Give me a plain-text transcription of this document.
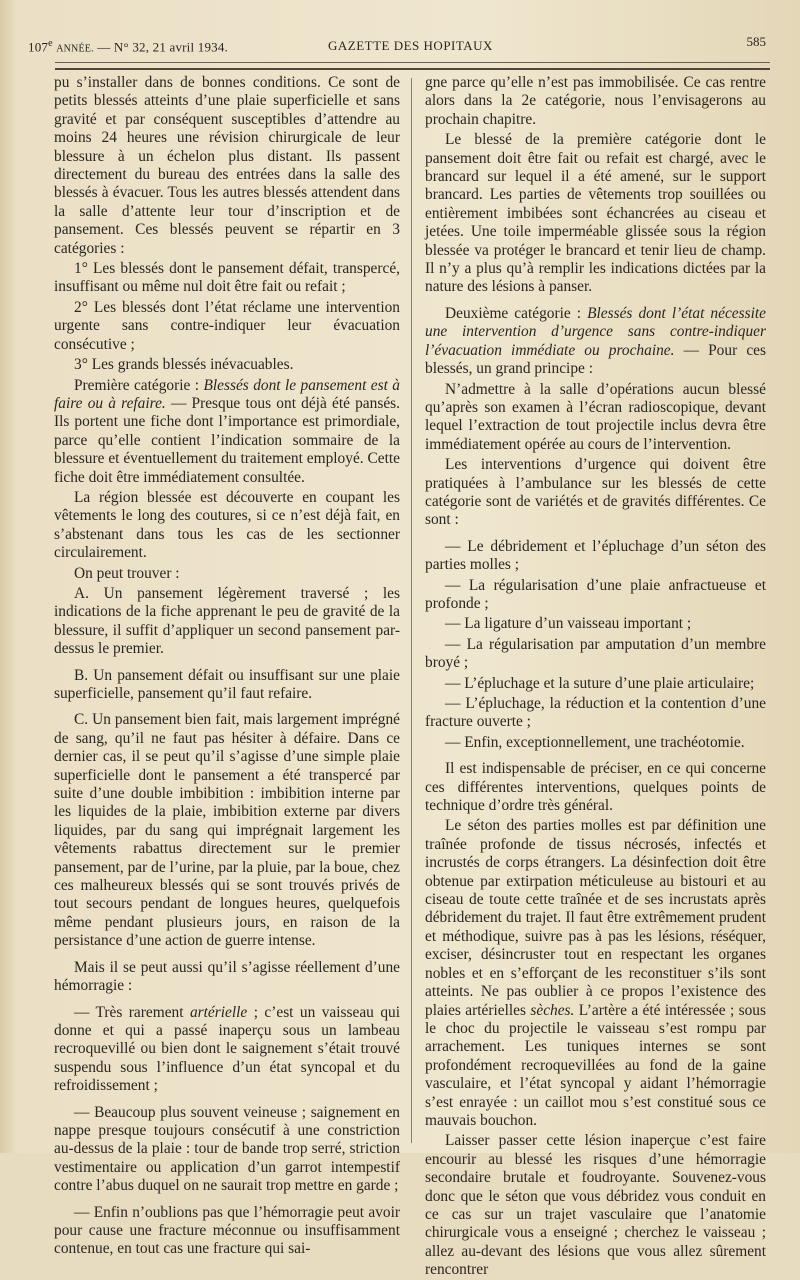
107e ANNÉE. — N° 32, 21 avril 1934.	GAZETTE DES HOPITAUX	585

pu s’installer dans de bonnes conditions. Ce sont de petits blessés atteints d’une plaie superficielle et sans gravité et par conséquent susceptibles d’attendre au moins 24 heures une révision chirurgicale de leur blessure à un échelon plus distant. Ils passent directement du bureau des entrées dans la salle des blessés à évacuer. Tous les autres blessés attendent dans la salle d’attente leur tour d’inscription et de pansement. Ces blessés peuvent se répartir en 3 catégories :

1° Les blessés dont le pansement défait, transpercé, insuffisant ou même nul doit être fait ou refait ;

2° Les blessés dont l’état réclame une intervention urgente sans contre-indiquer leur évacuation consécutive ;

3° Les grands blessés inévacuables.

Première catégorie : Blessés dont le pansement est à faire ou à refaire. — Presque tous ont déjà été pansés. Ils portent une fiche dont l’importance est primordiale, parce qu’elle contient l’indication sommaire de la blessure et éventuellement du traitement employé. Cette fiche doit être immédiatement consultée.

La région blessée est découverte en coupant les vêtements le long des coutures, si ce n’est déjà fait, en s’abstenant dans tous les cas de les sectionner circulairement.

On peut trouver :

A. Un pansement légèrement traversé ; les indications de la fiche apprenant le peu de gravité de la blessure, il suffit d’appliquer un second pansement par-dessus le premier.

B. Un pansement défait ou insuffisant sur une plaie superficielle, pansement qu’il faut refaire.

C. Un pansement bien fait, mais largement imprégné de sang, qu’il ne faut pas hésiter à défaire. Dans ce dernier cas, il se peut qu’il s’agisse d’une simple plaie superficielle dont le pansement a été transpercé par suite d’une double imbibition : imbibition interne par les liquides de la plaie, imbibition externe par divers liquides, par du sang qui imprégnait largement les vêtements rabattus directement sur le premier pansement, par de l’urine, par la pluie, par la boue, chez ces malheureux blessés qui se sont trouvés privés de tout secours pendant de longues heures, quelquefois même pendant plusieurs jours, en raison de la persistance d’une action de guerre intense.

Mais il se peut aussi qu’il s’agisse réellement d’une hémorragie :

— Très rarement artérielle ; c’est un vaisseau qui donne et qui a passé inaperçu sous un lambeau recroquevillé ou bien dont le saignement s’était trouvé suspendu sous l’influence d’un état syncopal et du refroidissement ;

— Beaucoup plus souvent veineuse ; saignement en nappe presque toujours consécutif à une constriction au-dessus de la plaie : tour de bande trop serré, striction vestimentaire ou application d’un garrot intempestif contre l’abus duquel on ne saurait trop mettre en garde ;

— Enfin n’oublions pas que l’hémorragie peut avoir pour cause une fracture méconnue ou insuffisamment contenue, en tout cas une fracture qui sai-

gne parce qu’elle n’est pas immobilisée. Ce cas rentre alors dans la 2e catégorie, nous l’envisagerons au prochain chapitre.

Le blessé de la première catégorie dont le pansement doit être fait ou refait est chargé, avec le brancard sur lequel il a été amené, sur le support brancard. Les parties de vêtements trop souillées ou entièrement imbibées sont échancrées au ciseau et jetées. Une toile imperméable glissée sous la région blessée va protéger le brancard et tenir lieu de champ. Il n’y a plus qu’à remplir les indications dictées par la nature des lésions à panser.

Deuxième catégorie : Blessés dont l’état nécessite une intervention d’urgence sans contre-indiquer l’évacuation immédiate ou prochaine. — Pour ces blessés, un grand principe :

N’admettre à la salle d’opérations aucun blessé qu’après son examen à l’écran radioscopique, devant lequel l’extraction de tout projectile inclus devra être immédiatement opérée au cours de l’intervention.

Les interventions d’urgence qui doivent être pratiquées à l’ambulance sur les blessés de cette catégorie sont de variétés et de gravités différentes. Ce sont :

— Le débridement et l’épluchage d’un séton des parties molles ;

— La régularisation d’une plaie anfractueuse et profonde ;

— La ligature d’un vaisseau important ;

— La régularisation par amputation d’un membre broyé ;

— L’épluchage et la suture d’une plaie articulaire;

— L’épluchage, la réduction et la contention d’une fracture ouverte ;

— Enfin, exceptionnellement, une trachéotomie.

Il est indispensable de préciser, en ce qui concerne ces différentes interventions, quelques points de technique d’ordre très général.

Le séton des parties molles est par définition une traînée profonde de tissus nécrosés, infectés et incrustés de corps étrangers. La désinfection doit être obtenue par extirpation méticuleuse au bistouri et au ciseau de toute cette traînée et de ses incrustats après débridement du trajet. Il faut être extrêmement prudent et méthodique, suivre pas à pas les lésions, réséquer, exciser, désincruster tout en respectant les organes nobles et en s’efforçant de les reconstituer s’ils sont atteints. Ne pas oublier à ce propos l’existence des plaies artérielles sèches. L’artère a été intéressée ; sous le choc du projectile le vaisseau s’est rompu par arrachement. Les tuniques internes se sont profondément recroquevillées au fond de la gaine vasculaire, et l’état syncopal y aidant l’hémorragie s’est enrayée : un caillot mou s’est constitué sous ce mauvais bouchon.

Laisser passer cette lésion inaperçue c’est faire encourir au blessé les risques d’une hémorragie secondaire brutale et foudroyante. Souvenez-vous donc que le séton que vous débridez vous conduit en ce cas sur un trajet vasculaire que l’anatomie chirurgicale vous a enseigné ; cherchez le vaisseau ; allez au-devant des lésions que vous allez sûrement rencontrer
